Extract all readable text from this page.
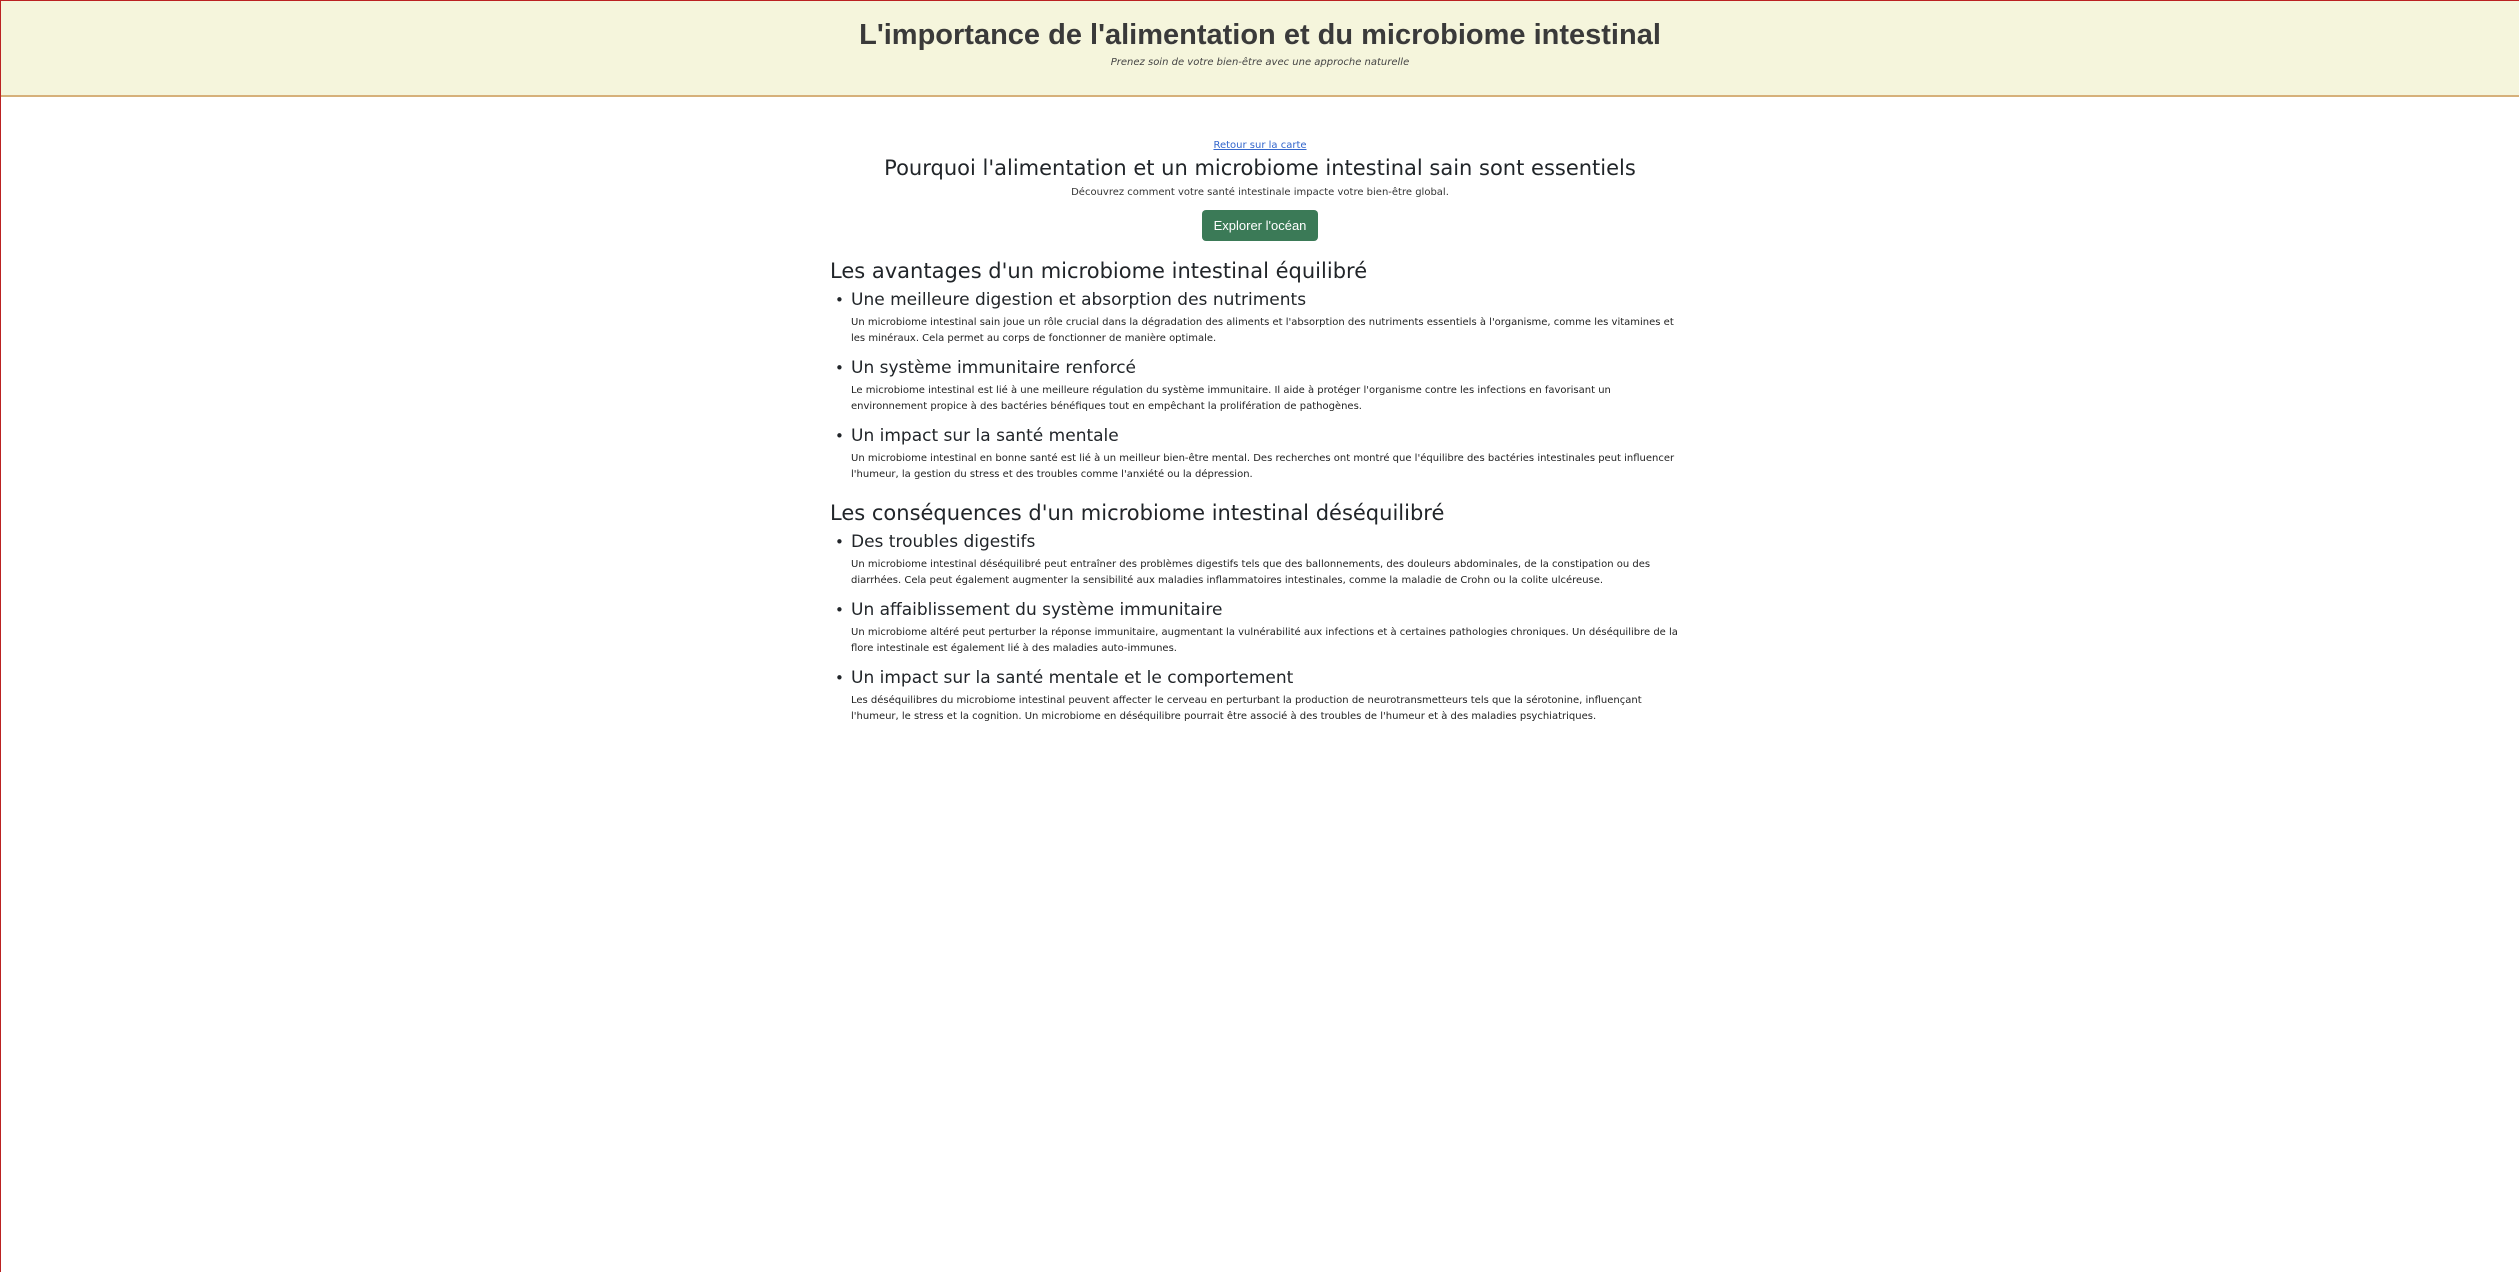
L'importance de l'alimentation et du microbiome intestinal

Prenez soin de votre bien-être avec une approche naturelle

Retour sur la carte
Pourquoi l'alimentation et un microbiome intestinal sain sont essentiels

Découvrez comment votre santé intestinale impacte votre bien-être global.

Explorer l'océan
Les avantages d'un microbiome intestinal équilibré
• Une meilleure digestion et absorption des nutriments

Un microbiome intestinal sain joue un rôle crucial dans la dégradation des aliments et l'absorption des nutriments essentiels à l'organisme, comme les vitamines et les minéraux. Cela permet au corps de fonctionner de manière optimale.

• Un système immunitaire renforcé

Le microbiome intestinal est lié à une meilleure régulation du système immunitaire. Il aide à protéger l'organisme contre les infections en favorisant un environnement propice à des bactéries bénéfiques tout en empêchant la prolifération de pathogènes.

• Un impact sur la santé mentale

Un microbiome intestinal en bonne santé est lié à un meilleur bien-être mental. Des recherches ont montré que l'équilibre des bactéries intestinales peut influencer l'humeur, la gestion du stress et des troubles comme l'anxiété ou la dépression.

Les conséquences d'un microbiome intestinal déséquilibré
• Des troubles digestifs

Un microbiome intestinal déséquilibré peut entraîner des problèmes digestifs tels que des ballonnements, des douleurs abdominales, de la constipation ou des diarrhées. Cela peut également augmenter la sensibilité aux maladies inflammatoires intestinales, comme la maladie de Crohn ou la colite ulcéreuse.

• Un affaiblissement du système immunitaire

Un microbiome altéré peut perturber la réponse immunitaire, augmentant la vulnérabilité aux infections et à certaines pathologies chroniques. Un déséquilibre de la flore intestinale est également lié à des maladies auto-immunes.

• Un impact sur la santé mentale et le comportement

Les déséquilibres du microbiome intestinal peuvent affecter le cerveau en perturbant la production de neurotransmetteurs tels que la sérotonine, influençant l'humeur, le stress et la cognition. Un microbiome en déséquilibre pourrait être associé à des troubles de l'humeur et à des maladies psychiatriques.
